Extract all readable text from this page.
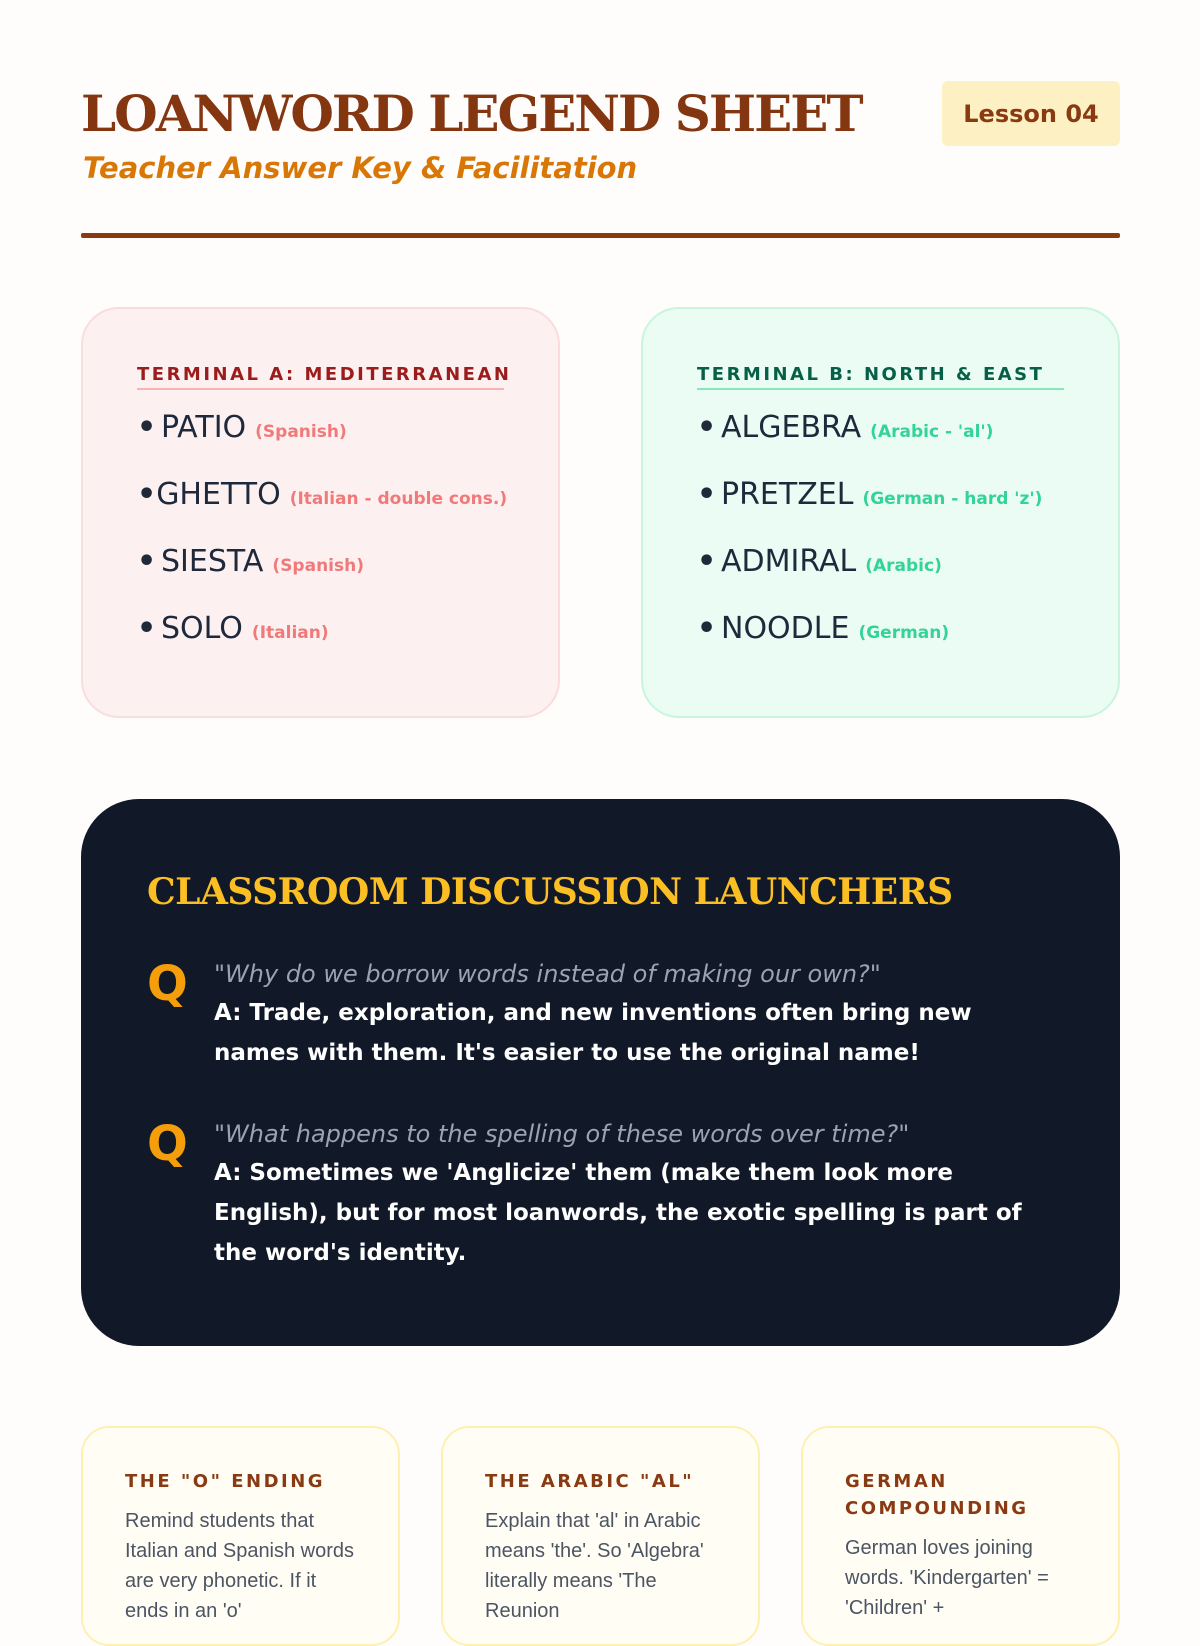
LOANWORD LEGEND SHEET
Teacher Answer Key & Facilitation
Lesson 04
TERMINAL A: MEDITERRANEAN
• PATIO (Spanish)
• GHETTO (Italian - double cons.)
• SIESTA (Spanish)
• SOLO (Italian)
TERMINAL B: NORTH & EAST
• ALGEBRA (Arabic - 'al')
• PRETZEL (German - hard 'z')
• ADMIRAL (Arabic)
• NOODLE (German)
CLASSROOM DISCUSSION LAUNCHERS
Q "Why do we borrow words instead of making our own?"
A: Trade, exploration, and new inventions often bring new names with them. It's easier to use the original name!
Q "What happens to the spelling of these words over time?"
A: Sometimes we 'Anglicize' them (make them look more English), but for most loanwords, the exotic spelling is part of the word's identity.
THE "O" ENDING
Remind students that Italian and Spanish words are very phonetic. If it ends in an 'o'
THE ARABIC "AL"
Explain that 'al' in Arabic means 'the'. So 'Algebra' literally means 'The Reunion
GERMAN COMPOUNDING
German loves joining words. 'Kindergarten' = 'Children' +
